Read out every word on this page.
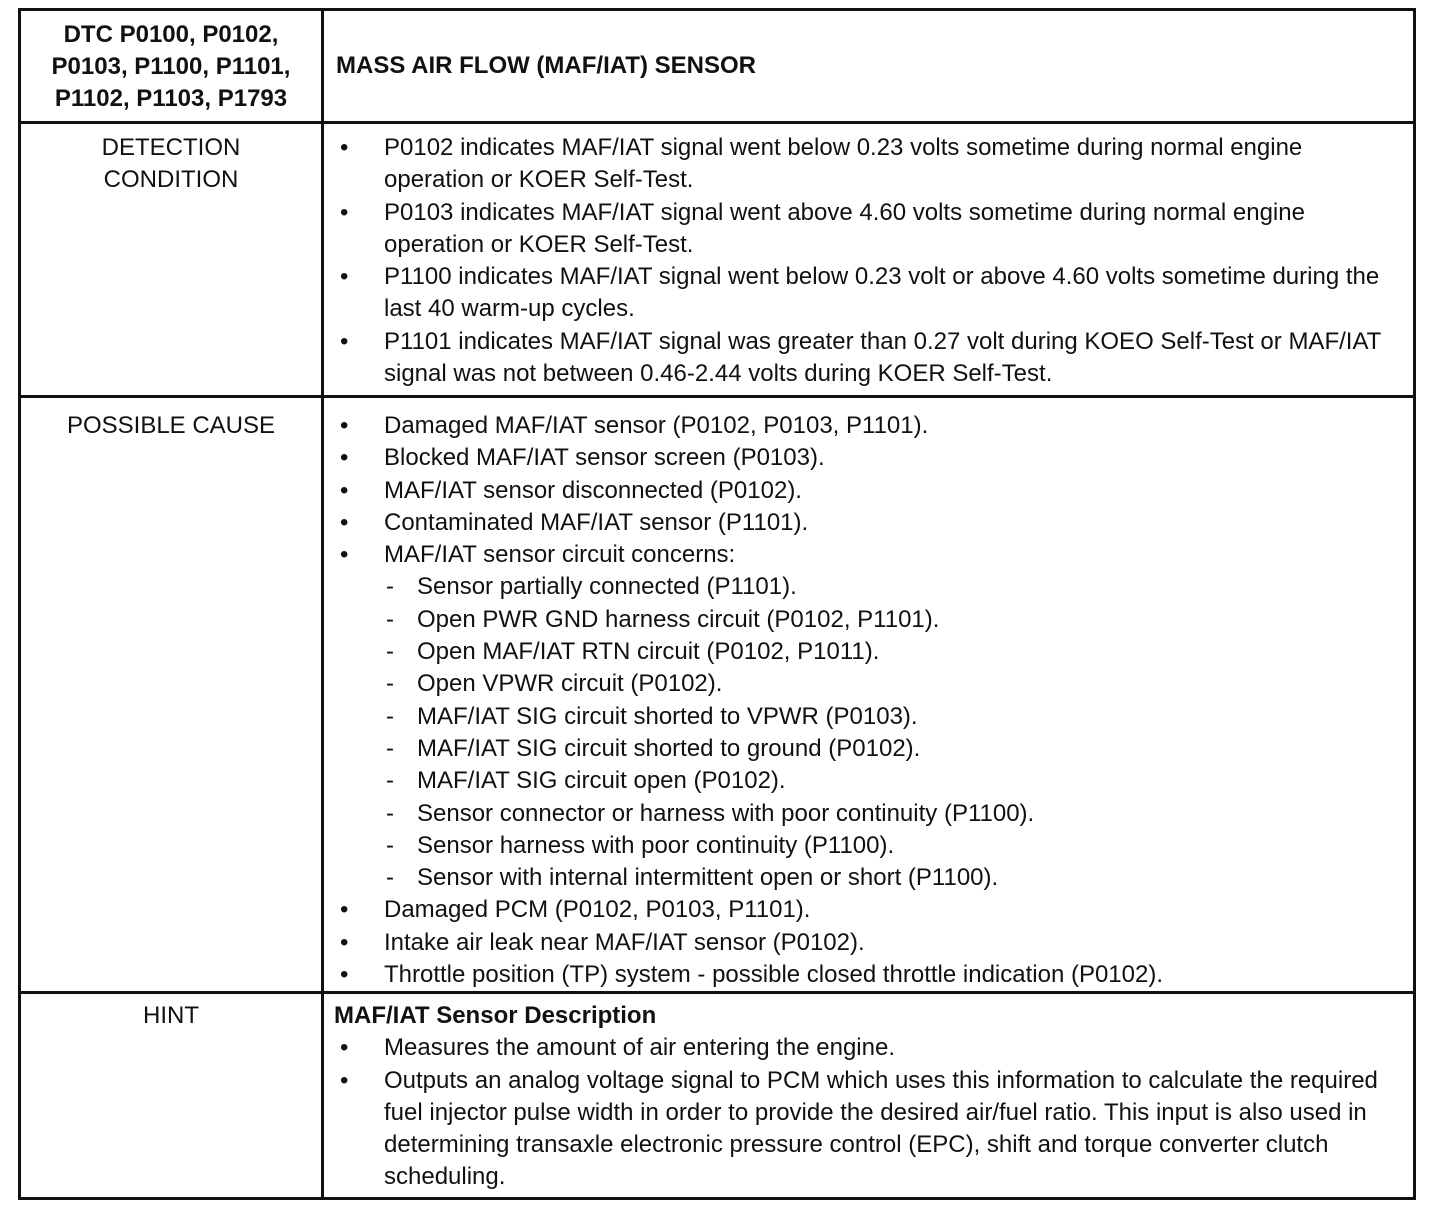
DTC P0100, P0102, P0103, P1100, P1101, P1102, P1103, P1793
MASS AIR FLOW (MAF/IAT) SENSOR
DETECTION CONDITION
• P0102 indicates MAF/IAT signal went below 0.23 volts sometime during normal engine operation or KOER Self-Test.
• P0103 indicates MAF/IAT signal went above 4.60 volts sometime during normal engine operation or KOER Self-Test.
• P1100 indicates MAF/IAT signal went below 0.23 volt or above 4.60 volts sometime during the last 40 warm-up cycles.
• P1101 indicates MAF/IAT signal was greater than 0.27 volt during KOEO Self-Test or MAF/IAT signal was not between 0.46-2.44 volts during KOER Self-Test.
POSSIBLE CAUSE	• Damaged MAF/IAT sensor (P0102, P0103, P1101).
• Blocked MAF/IAT sensor screen (P0103).
• MAF/IAT sensor disconnected (P0102).
• Contaminated MAF/IAT sensor (P1101).
• MAF/IAT sensor circuit concerns:
- Sensor partially connected (P1101).
- Open PWR GND harness circuit (P0102, P1101).
- Open MAF/IAT RTN circuit (P0102, P1011).
- Open VPWR circuit (P0102).
- MAF/IAT SIG circuit shorted to VPWR (P0103).
- MAF/IAT SIG circuit shorted to ground (P0102).
- MAF/IAT SIG circuit open (P0102).
- Sensor connector or harness with poor continuity (P1100).
- Sensor harness with poor continuity (P1100).
- Sensor with internal intermittent open or short (P1100).
• Damaged PCM (P0102, P0103, P1101).
• Intake air leak near MAF/IAT sensor (P0102).
• Throttle position (TP) system - possible closed throttle indication (P0102).
HINT	MAF/IAT Sensor Description
• Measures the amount of air entering the engine.
• Outputs an analog voltage signal to PCM which uses this information to calculate the required fuel injector pulse width in order to provide the desired air/fuel ratio. This input is also used in determining transaxle electronic pressure control (EPC), shift and torque converter clutch scheduling.
